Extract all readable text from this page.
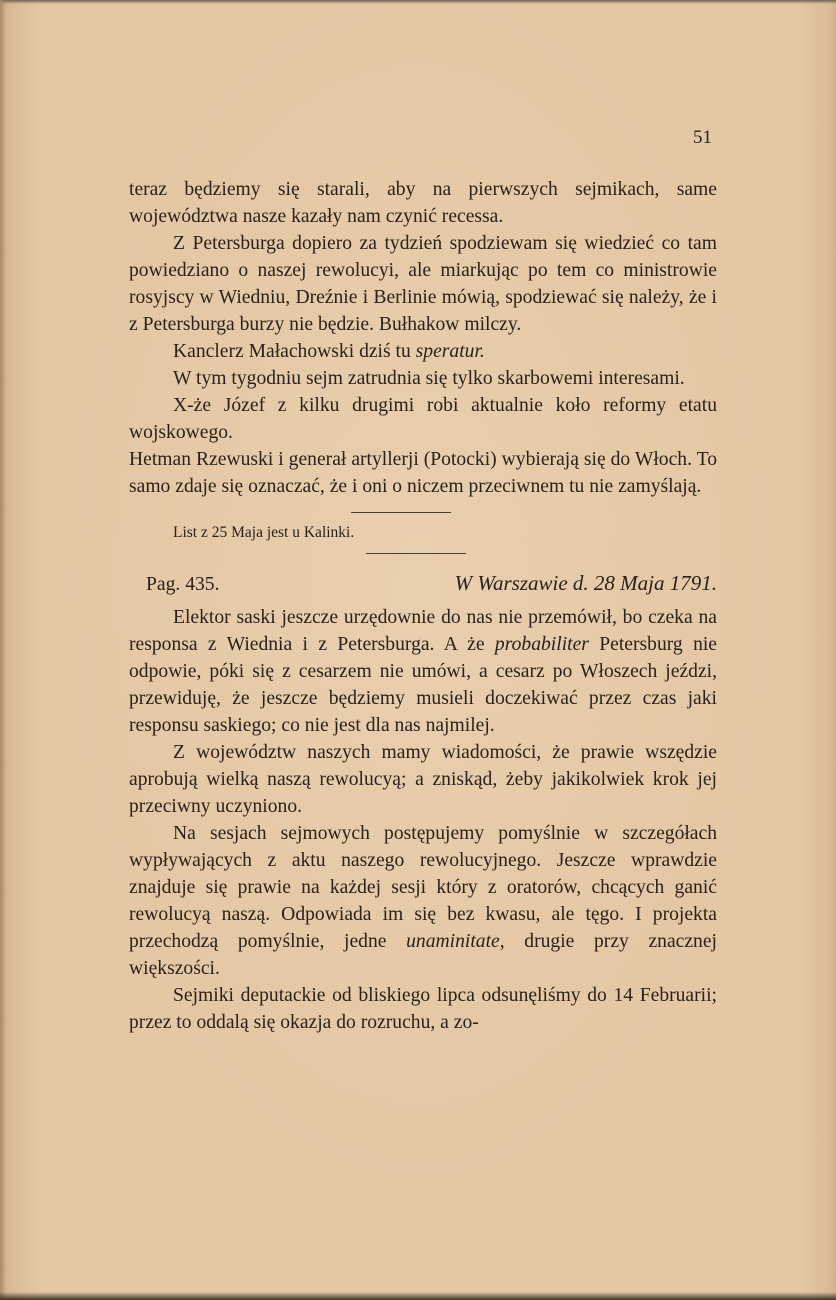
51

teraz będziemy się starali, aby na pierwszych sejmikach, same województwa nasze kazały nam czynić recessa.

Z Petersburga dopiero za tydzień spodziewam się wiedzieć co tam powiedziano o naszej rewolucyi, ale miarkując po tem co ministrowie rosyjscy w Wiedniu, Dreźnie i Berlinie mówią, spodziewać się należy, że i z Petersburga burzy nie będzie. Bułhakow milczy.

Kanclerz Małachowski dziś tu speratur.

W tym tygodniu sejm zatrudnia się tylko skarbowemi interesami.

X-że Józef z kilku drugimi robi aktualnie koło reformy etatu wojskowego.

Hetman Rzewuski i generał artyllerji (Potocki) wybierają się do Włoch. To samo zdaje się oznaczać, że i oni o niczem przeciwnem tu nie zamyślają.

List z 25 Maja jest u Kalinki.

Pag. 435.	W Warszawie d. 28 Maja 1791.

Elektor saski jeszcze urzędownie do nas nie przemówił, bo czeka na responsa z Wiednia i z Petersburga. A że probabiliter Petersburg nie odpowie, póki się z cesarzem nie umówi, a cesarz po Włoszech jeździ, przewiduję, że jeszcze będziemy musieli doczekiwać przez czas jaki responsu saskiego; co nie jest dla nas najmilej.

Z województw naszych mamy wiadomości, że prawie wszędzie aprobują wielką naszą rewolucyą; a zniskąd, żeby jakikolwiek krok jej przeciwny uczyniono.

Na sesjach sejmowych postępujemy pomyślnie w szczegółach wypływających z aktu naszego rewolucyjnego. Jeszcze wprawdzie znajduje się prawie na każdej sesji który z oratorów, chcących ganić rewolucyą naszą. Odpowiada im się bez kwasu, ale tęgo. I projekta przechodzą pomyślnie, jedne unaminitate, drugie przy znacznej większości.

Sejmiki deputackie od bliskiego lipca odsunęliśmy do 14 Februarii; przez to oddalą się okazja do rozruchu, a zo-
